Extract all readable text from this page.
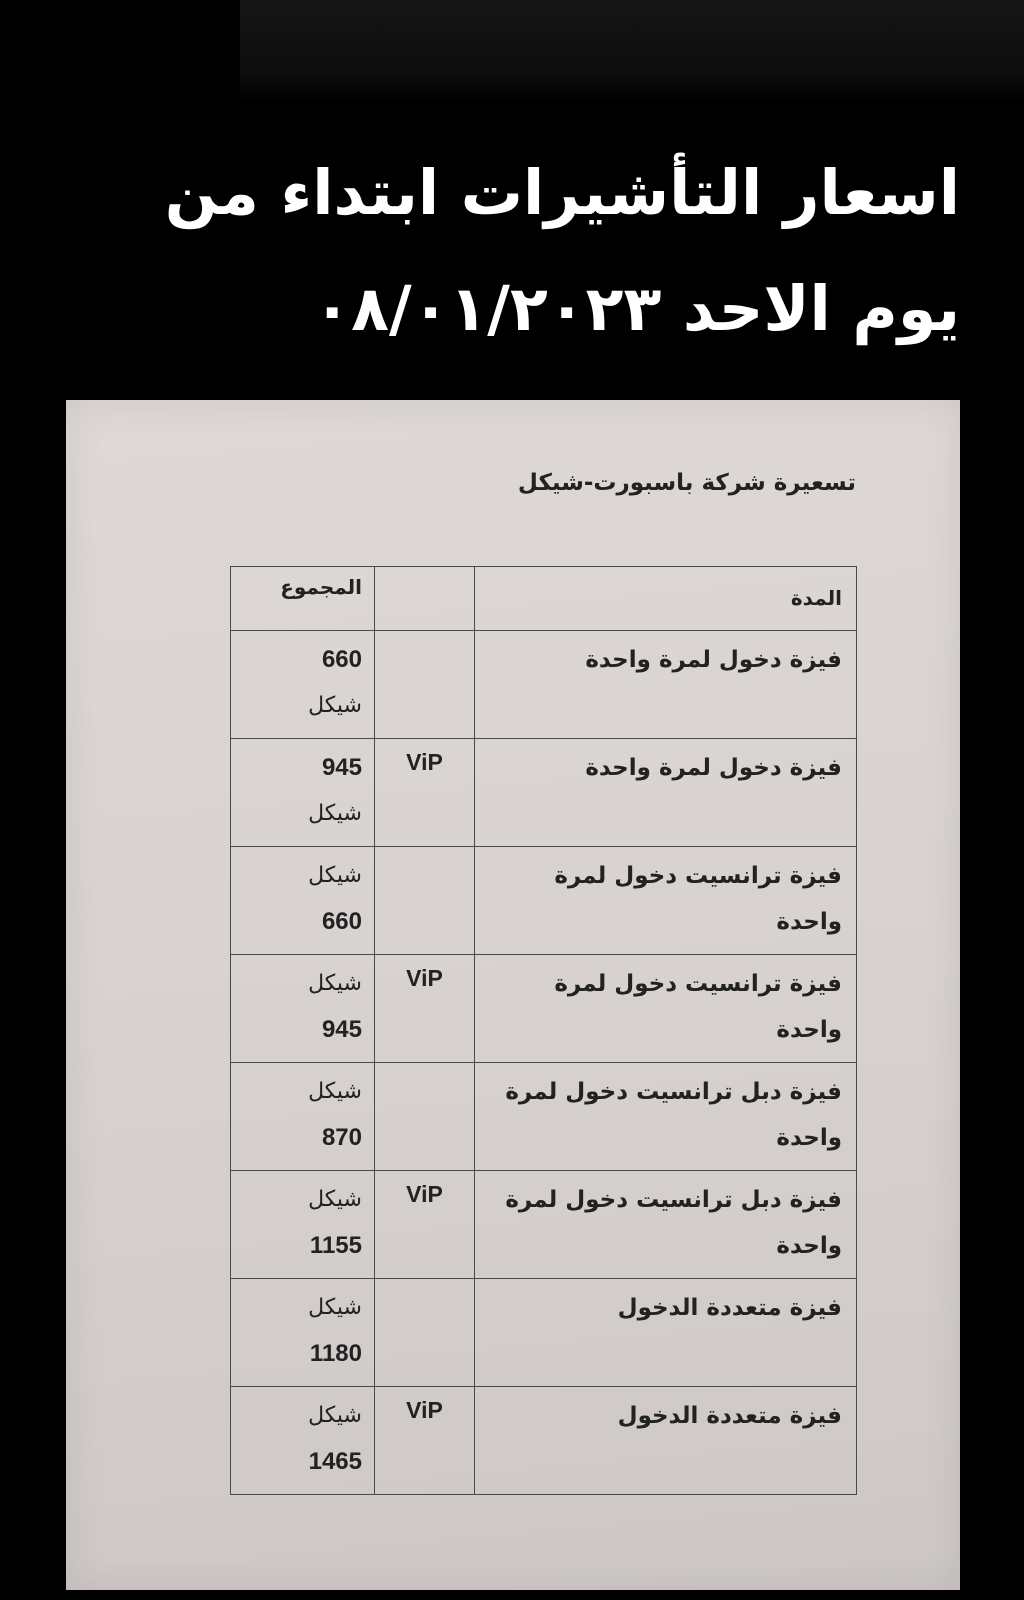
اسعار التأشيرات ابتداء من
يوم الاحد ٠٨/٠١/٢٠٢٣
تسعيرة شركة باسبورت-شيكل
المجموع		المدة

660
شيكل		فيزة دخول لمرة واحدة

945
شيكل	ViP	فيزة دخول لمرة واحدة

شيكل
660		فيزة ترانسيت دخول لمرة واحدة

شيكل
945	ViP	فيزة ترانسيت دخول لمرة واحدة

شيكل
870		فيزة دبل ترانسيت دخول لمرة واحدة

شيكل
1155	ViP	فيزة دبل ترانسيت دخول لمرة واحدة

شيكل
1180		فيزة متعددة الدخول

شيكل
1465	ViP	فيزة متعددة الدخول
